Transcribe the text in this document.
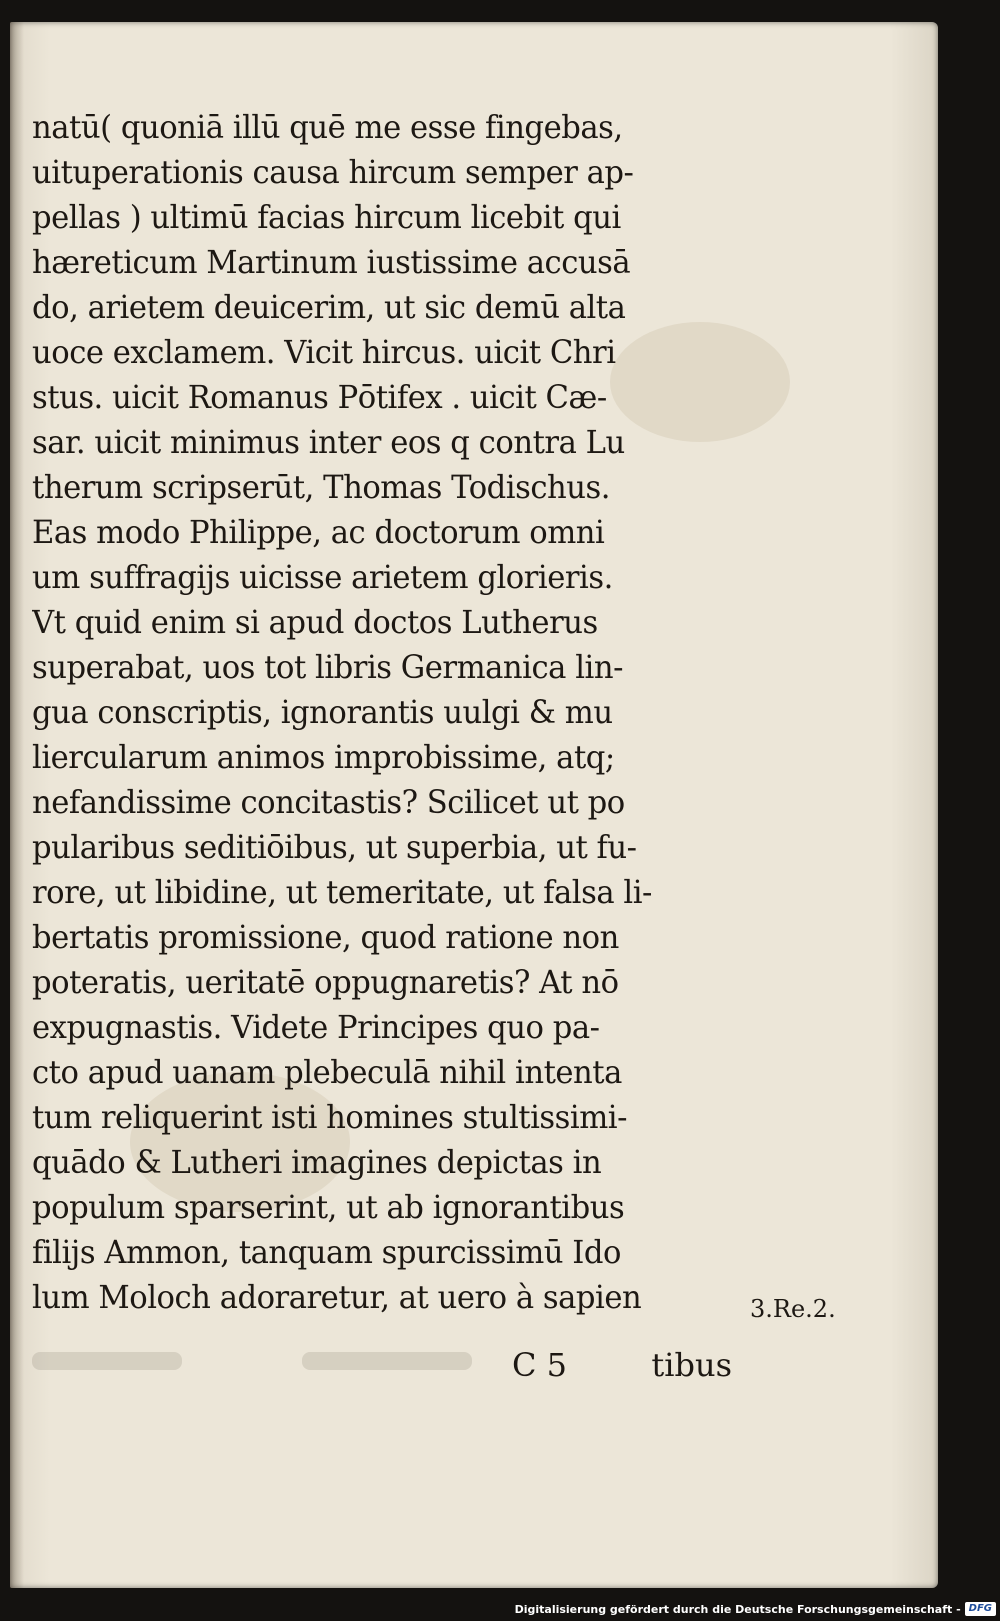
natū( quoniā illū quē me esse fingebas,
uituperationis causa hircum semper ap-
pellas ) ultimū facias hircum licebit qui
hæreticum Martinum iustissime accusā
do, arietem deuicerim, ut sic demū alta
uoce exclamem. Vicit hircus. uicit Chri
stus. uicit Romanus Pōtifex . uicit Cæ-
sar. uicit minimus inter eos q contra Lu
therum scripserūt, Thomas Todischus.
Eas modo Philippe, ac doctorum omni
um suffragijs uicisse arietem glorieris.
Vt quid enim si apud doctos Lutherus
superabat, uos tot libris Germanica lin-
gua conscriptis, ignorantis uulgi & mu
liercularum animos improbissime, atq;
nefandissime concitastis? Scilicet ut po
pularibus seditiōibus, ut superbia, ut fu-
rore, ut libidine, ut temeritate, ut falsa li-
bertatis promissione, quod ratione non
poteratis, ueritatē oppugnaretis? At nō
expugnastis. Videte Principes quo pa-
cto apud uanam plebeculā nihil intenta
tum reliquerint isti homines stultissimi-
quādo & Lutheri imagines depictas in
populum sparserint, ut ab ignorantibus
filijs Ammon, tanquam spurcissimū Ido
lum Moloch adoraretur, at uero à sapien
C 5	tibus
3.Re.2.
Digitalisierung gefördert durch die Deutsche Forschungsgemeinschaft - DFG
